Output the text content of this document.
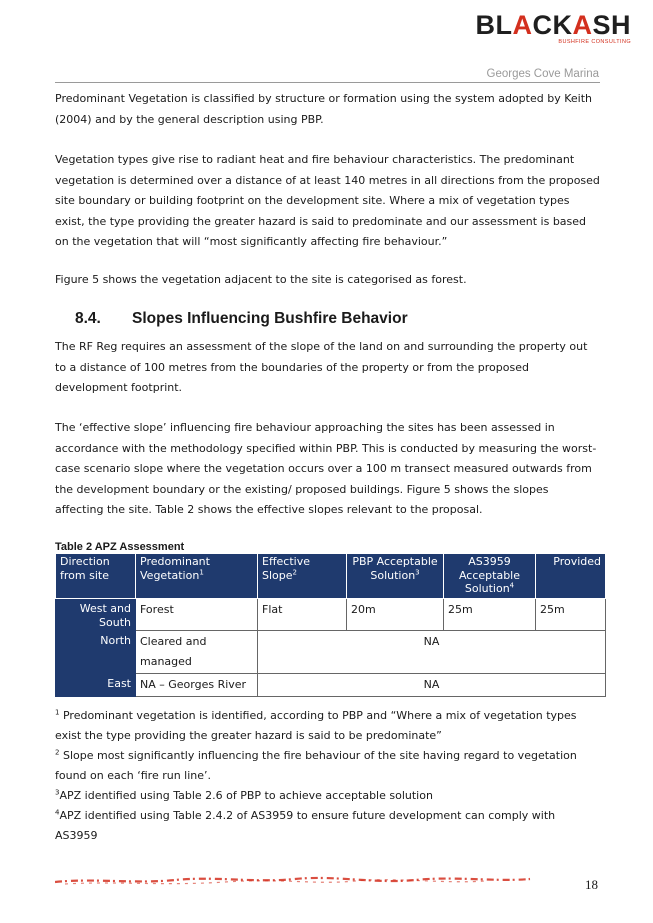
BLACKASH
BUSHFIRE CONSULTING
Georges Cove Marina

Predominant Vegetation is classified by structure or formation using the system adopted by Keith (2004) and by the general description using PBP.

Vegetation types give rise to radiant heat and fire behaviour characteristics. The predominant vegetation is determined over a distance of at least 140 metres in all directions from the proposed site boundary or building footprint on the development site. Where a mix of vegetation types exist, the type providing the greater hazard is said to predominate and our assessment is based on the vegetation that will “most significantly affecting fire behaviour.”

Figure 5 shows the vegetation adjacent to the site is categorised as forest.

8.4. Slopes Influencing Bushfire Behavior

The RF Reg requires an assessment of the slope of the land on and surrounding the property out to a distance of 100 metres from the boundaries of the property or from the proposed development footprint.

The ‘effective slope’ influencing fire behaviour approaching the sites has been assessed in accordance with the methodology specified within PBP. This is conducted by measuring the worst-case scenario slope where the vegetation occurs over a 100 m transect measured outwards from the development boundary or the existing/ proposed buildings. Figure 5 shows the slopes affecting the site. Table 2 shows the effective slopes relevant to the proposal.

Table 2 APZ Assessment
Direction from site	Predominant Vegetation$^1$	Effective Slope$^2$	PBP Acceptable Solution$^3$	AS3959 Acceptable Solution$^4$	Provided
West and South	Forest	Flat	20m	25m	25m
North	Cleared and managed	NA			
East	NA – Georges River	NA			

$^1$ Predominant vegetation is identified, according to PBP and “Where a mix of vegetation types exist the type providing the greater hazard is said to be predominate”

$^2$ Slope most significantly influencing the fire behaviour of the site having regard to vegetation found on each ‘fire run line’.

$^3$APZ identified using Table 2.6 of PBP to achieve acceptable solution

$^4$APZ identified using Table 2.4.2 of AS3959 to ensure future development can comply with AS3959

18
